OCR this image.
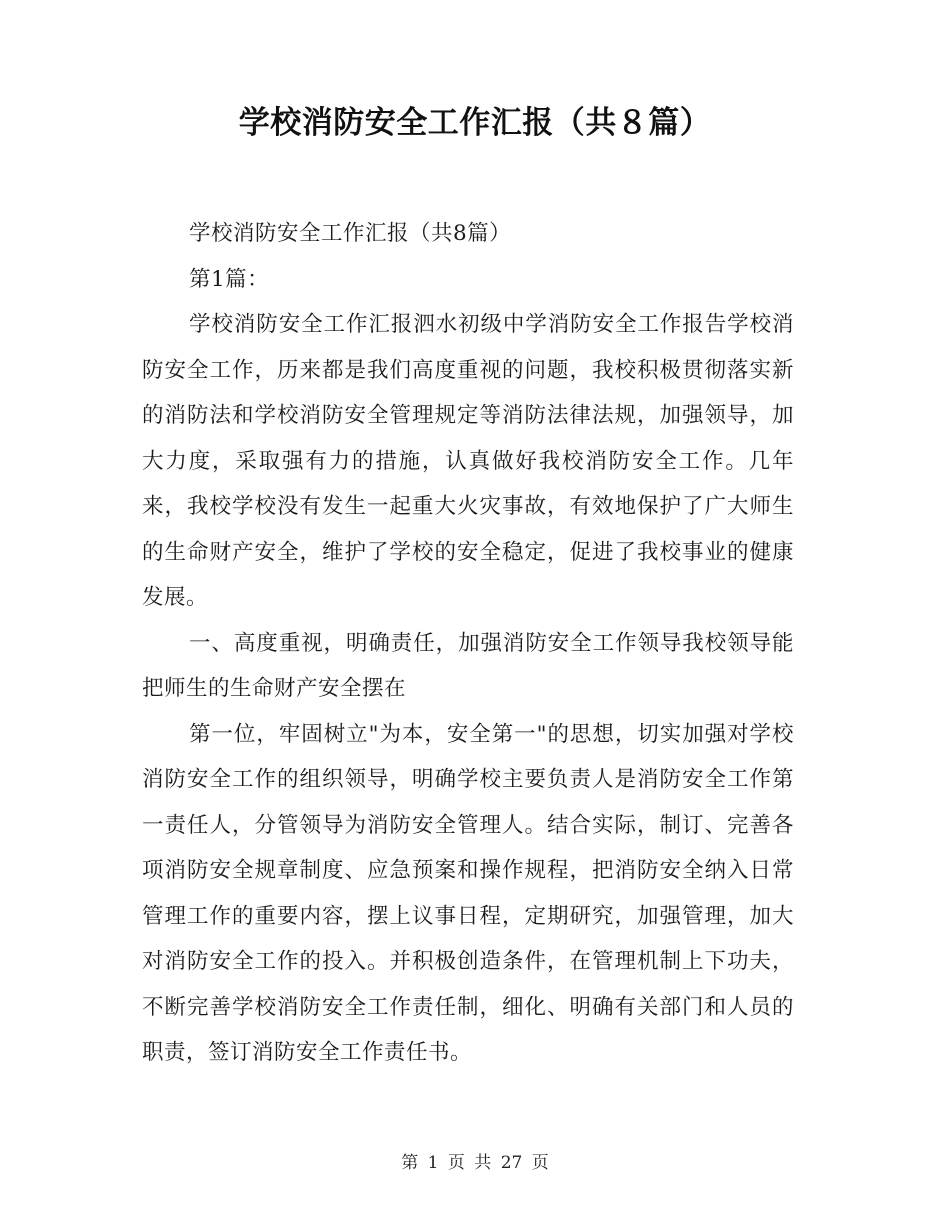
学校消防安全工作汇报（共８篇）

学校消防安全工作汇报（共8篇）

第1篇：

学校消防安全工作汇报泗水初级中学消防安全工作报告学校消防安全工作，历来都是我们高度重视的问题，我校积极贯彻落实新的消防法和学校消防安全管理规定等消防法律法规，加强领导，加大力度，采取强有力的措施，认真做好我校消防安全工作。几年来，我校学校没有发生一起重大火灾事故，有效地保护了广大师生的生命财产安全，维护了学校的安全稳定，促进了我校事业的健康发展。

一、高度重视，明确责任，加强消防安全工作领导我校领导能把师生的生命财产安全摆在

第一位，牢固树立"为本，安全第一"的思想，切实加强对学校消防安全工作的组织领导，明确学校主要负责人是消防安全工作第一责任人，分管领导为消防安全管理人。结合实际，制订、完善各项消防安全规章制度、应急预案和操作规程，把消防安全纳入日常管理工作的重要内容，摆上议事日程，定期研究，加强管理，加大对消防安全工作的投入。并积极创造条件，在管理机制上下功夫，不断完善学校消防安全工作责任制，细化、明确有关部门和人员的职责，签订消防安全工作责任书。

第 1 页 共 27 页
